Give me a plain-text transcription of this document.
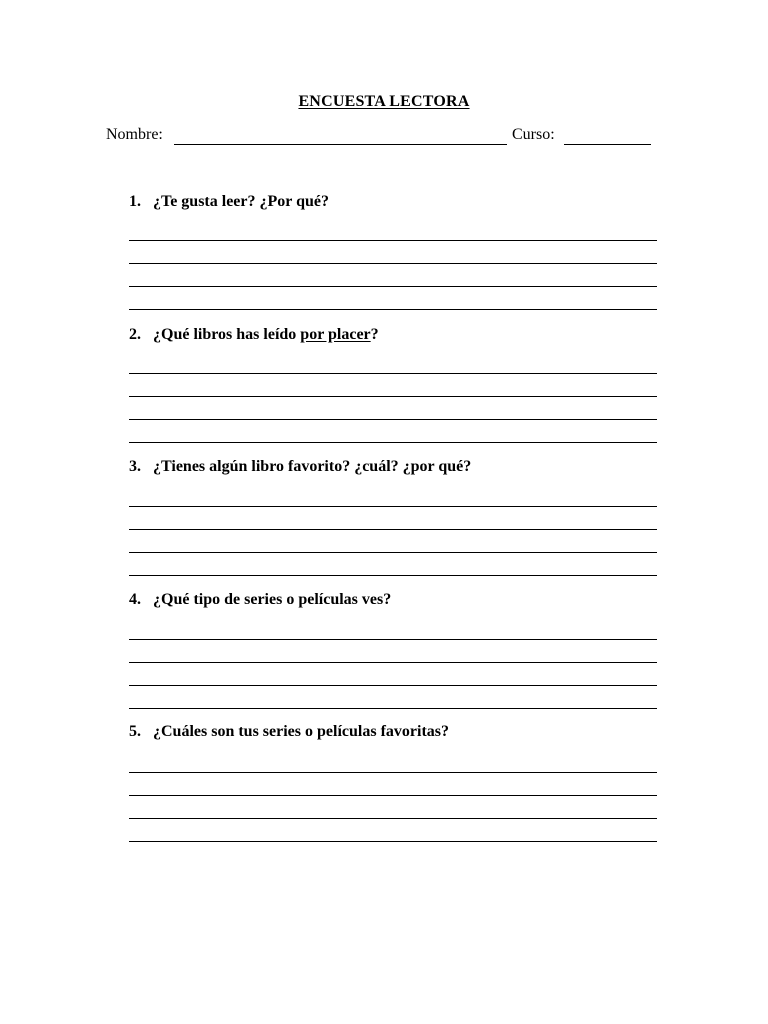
ENCUESTA LECTORA
Nombre:	Curso:
1. ¿Te gusta leer? ¿Por qué?
2. ¿Qué libros has leído por placer?
3. ¿Tienes algún libro favorito? ¿cuál? ¿por qué?
4. ¿Qué tipo de series o películas ves?
5. ¿Cuáles son tus series o películas favoritas?
